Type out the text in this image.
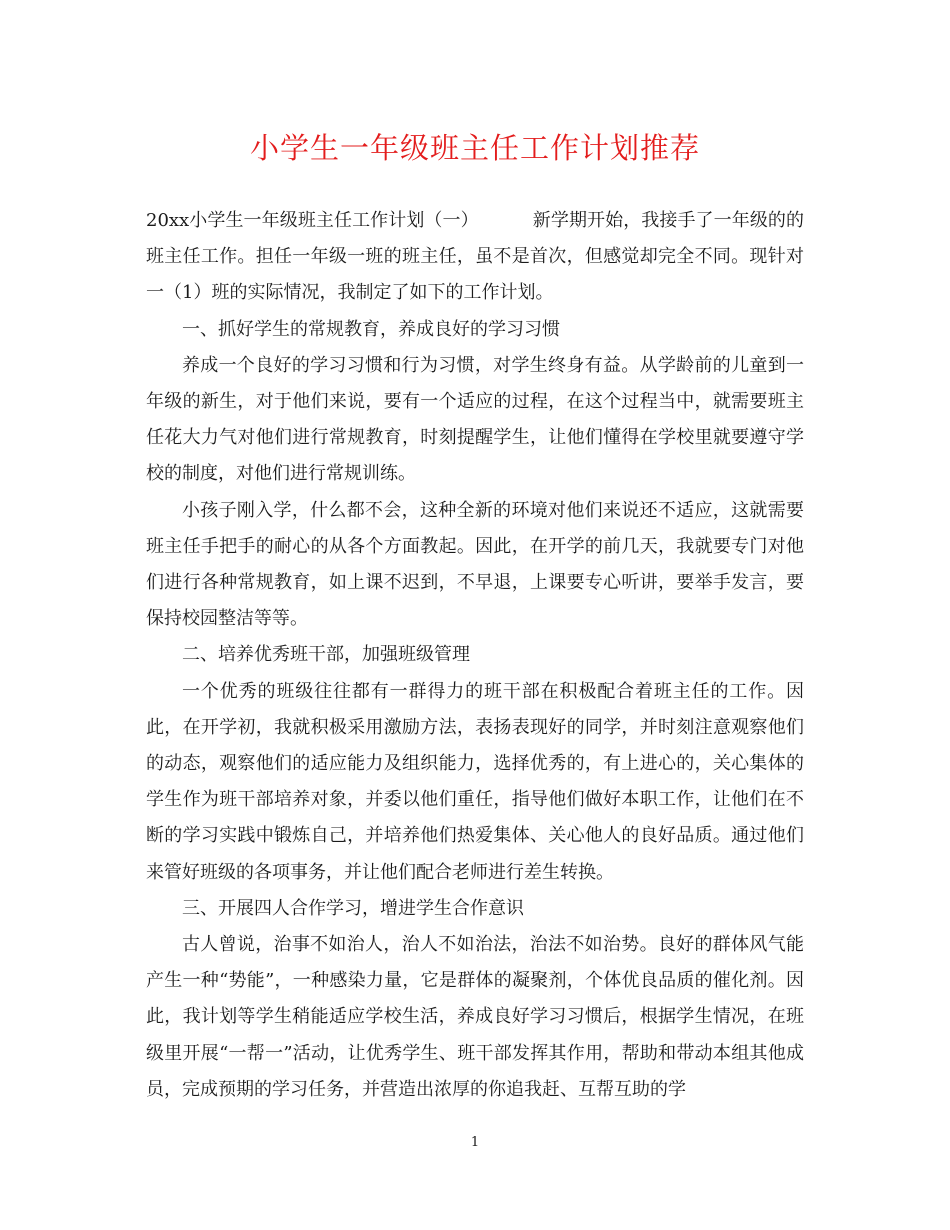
小学生一年级班主任工作计划推荐

20xx小学生一年级班主任工作计划（一）	新学期开始，我接手了一年级的的班主任工作。担任一年级一班的班主任，虽不是首次，但感觉却完全不同。现针对一（1）班的实际情况，我制定了如下的工作计划。

一、抓好学生的常规教育，养成良好的学习习惯

养成一个良好的学习习惯和行为习惯，对学生终身有益。从学龄前的儿童到一年级的新生，对于他们来说，要有一个适应的过程，在这个过程当中，就需要班主任花大力气对他们进行常规教育，时刻提醒学生，让他们懂得在学校里就要遵守学校的制度，对他们进行常规训练。

小孩子刚入学，什么都不会，这种全新的环境对他们来说还不适应，这就需要班主任手把手的耐心的从各个方面教起。因此，在开学的前几天，我就要专门对他们进行各种常规教育，如上课不迟到，不早退，上课要专心听讲，要举手发言，要保持校园整洁等等。

二、培养优秀班干部，加强班级管理

一个优秀的班级往往都有一群得力的班干部在积极配合着班主任的工作。因此，在开学初，我就积极采用激励方法，表扬表现好的同学，并时刻注意观察他们的动态，观察他们的适应能力及组织能力，选择优秀的，有上进心的，关心集体的学生作为班干部培养对象，并委以他们重任，指导他们做好本职工作，让他们在不断的学习实践中锻炼自己，并培养他们热爱集体、关心他人的良好品质。通过他们来管好班级的各项事务，并让他们配合老师进行差生转换。

三、开展四人合作学习，增进学生合作意识

古人曾说，治事不如治人，治人不如治法，治法不如治势。良好的群体风气能产生一种“势能”，一种感染力量，它是群体的凝聚剂，个体优良品质的催化剂。因此，我计划等学生稍能适应学校生活，养成良好学习习惯后，根据学生情况，在班级里开展“一帮一”活动，让优秀学生、班干部发挥其作用，帮助和带动本组其他成员，完成预期的学习任务，并营造出浓厚的你追我赶、互帮互助的学

1
